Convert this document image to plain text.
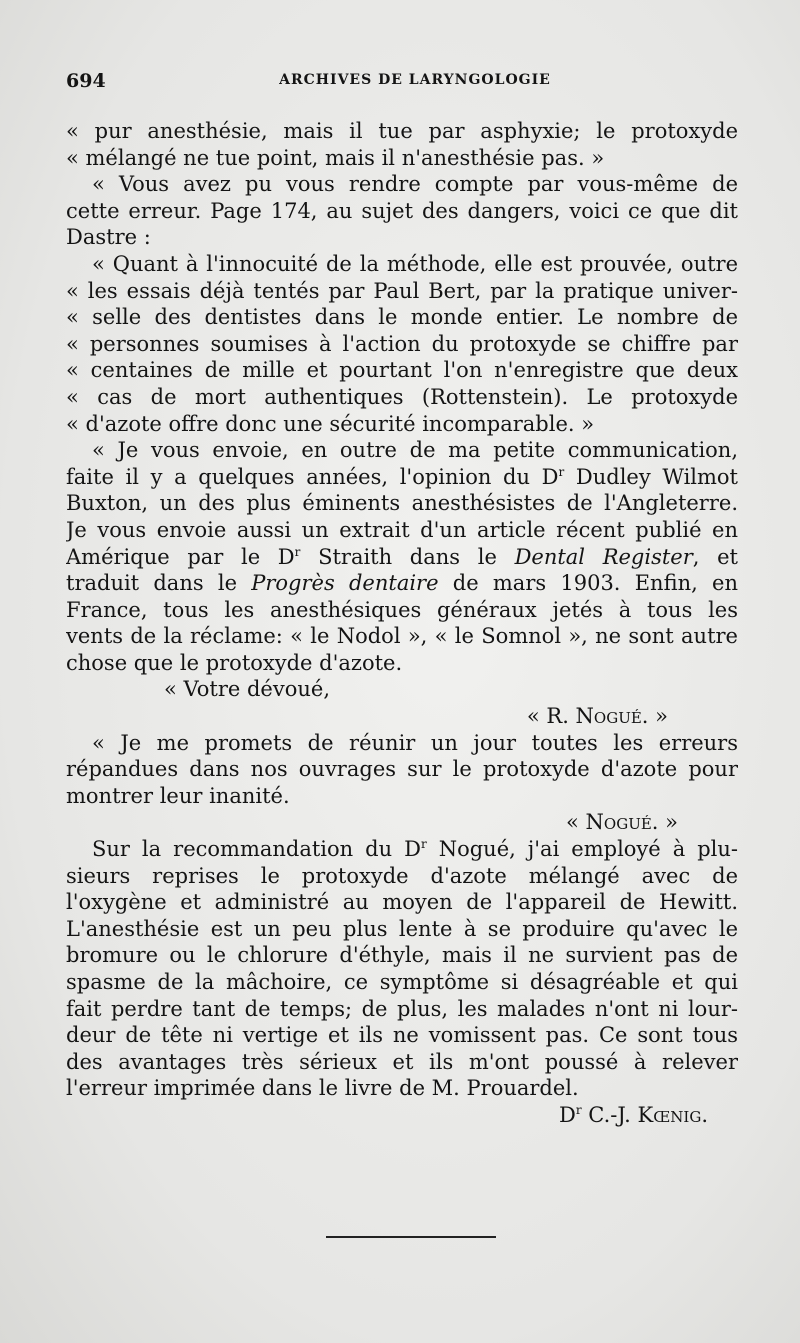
694	ARCHIVES DE LARYNGOLOGIE
« pur anesthésie, mais il tue par asphyxie; le protoxyde
« mélangé ne tue point, mais il n'anesthésie pas. »
« Vous avez pu vous rendre compte par vous-même de
cette erreur. Page 174, au sujet des dangers, voici ce que dit
Dastre :
« Quant à l'innocuité de la méthode, elle est prouvée, outre
« les essais déjà tentés par Paul Bert, par la pratique univer-
« selle des dentistes dans le monde entier. Le nombre de
« personnes soumises à l'action du protoxyde se chiffre par
« centaines de mille et pourtant l'on n'enregistre que deux
« cas de mort authentiques (Rottenstein). Le protoxyde
« d'azote offre donc une sécurité incomparable. »
« Je vous envoie, en outre de ma petite communication,
faite il y a quelques années, l'opinion du $D^r$ Dudley Wilmot
Buxton, un des plus éminents anesthésistes de l'Angleterre.
Je vous envoie aussi un extrait d'un article récent publié en
Amérique par le $D^r$ Straith dans le Dental Register, et
traduit dans le Progrès dentaire de mars 1903. Enfin, en
France, tous les anesthésiques généraux jetés à tous les
vents de la réclame: « le Nodol », « le Somnol », ne sont autre
chose que le protoxyde d'azote.
« Votre dévoué,
« R. Nogué. »
« Je me promets de réunir un jour toutes les erreurs
répandues dans nos ouvrages sur le protoxyde d'azote pour
montrer leur inanité.
« Nogué. »
Sur la recommandation du $D^r$ Nogué, j'ai employé à plu-
sieurs reprises le protoxyde d'azote mélangé avec de
l'oxygène et administré au moyen de l'appareil de Hewitt.
L'anesthésie est un peu plus lente à se produire qu'avec le
bromure ou le chlorure d'éthyle, mais il ne survient pas de
spasme de la mâchoire, ce symptôme si désagréable et qui
fait perdre tant de temps; de plus, les malades n'ont ni lour-
deur de tête ni vertige et ils ne vomissent pas. Ce sont tous
des avantages très sérieux et ils m'ont poussé à relever
l'erreur imprimée dans le livre de M. Prouardel.
$D^r$ C.-J. Kœnig.
